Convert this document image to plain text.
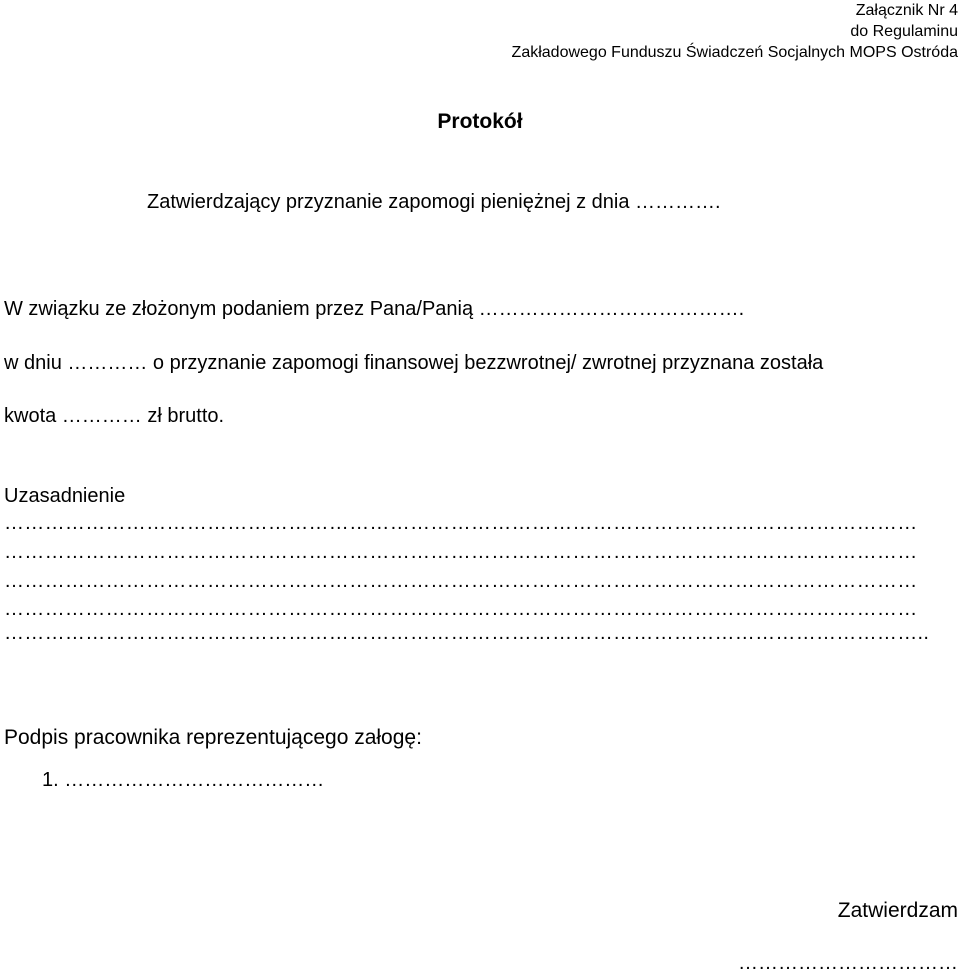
Załącznik Nr 4
do Regulaminu
Zakładowego Funduszu Świadczeń Socjalnych MOPS Ostróda
Protokół
Zatwierdzający przyznanie zapomogi pieniężnej z dnia ………….
W związku ze złożonym podaniem przez Pana/Panią ………………………………….
w dniu ………… o przyznanie zapomogi finansowej bezzwrotnej/ zwrotnej przyznana została
kwota ………… zł brutto.
Uzasadnienie
………………………………………………………………………………………………………………………
………………………………………………………………………………………………………………………
………………………………………………………………………………………………………………………
………………………………………………………………………………………………………………………
………………………………………………………………………………………………………………………..
Podpis pracownika reprezentującego załogę:
1. …………………………………
Zatwierdzam
……………………………
